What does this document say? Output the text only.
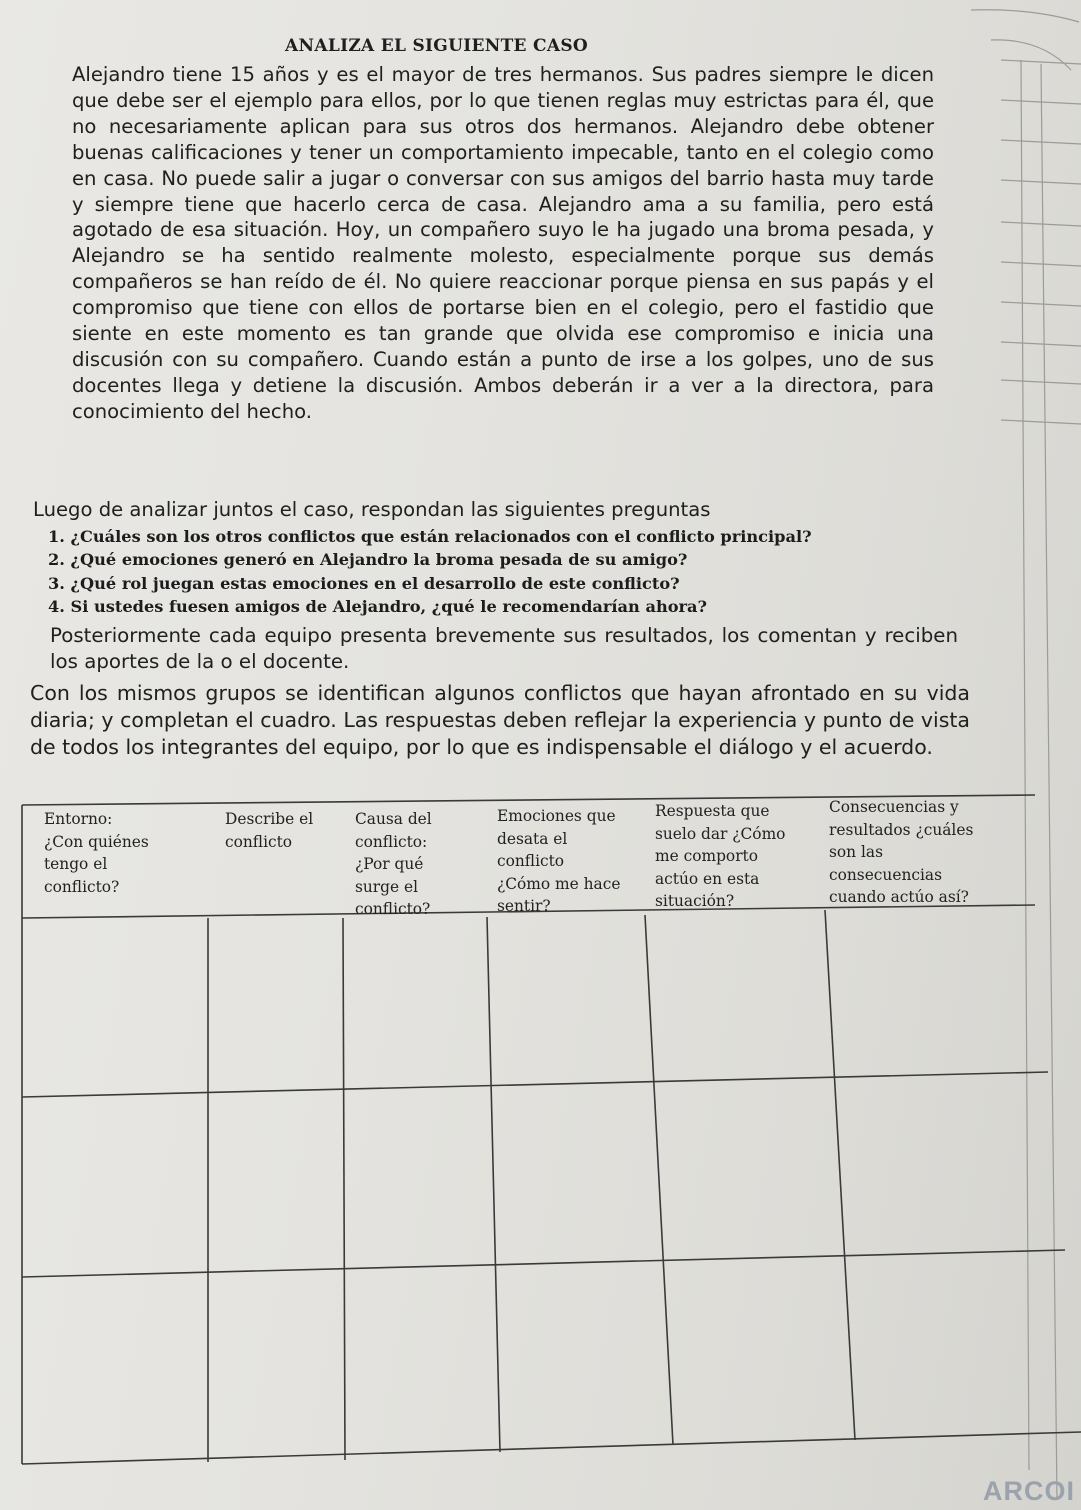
ANALIZA EL SIGUIENTE CASO

Alejandro tiene 15 años y es el mayor de tres hermanos. Sus padres siempre le dicen que debe ser el ejemplo para ellos, por lo que tienen reglas muy estrictas para él, que no necesariamente aplican para sus otros dos hermanos. Alejandro debe obtener buenas calificaciones y tener un comportamiento impecable, tanto en el colegio como en casa. No puede salir a jugar o conversar con sus amigos del barrio hasta muy tarde y siempre tiene que hacerlo cerca de casa. Alejandro ama a su familia, pero está agotado de esa situación. Hoy, un compañero suyo le ha jugado una broma pesada, y Alejandro se ha sentido realmente molesto, especialmente porque sus demás compañeros se han reído de él. No quiere reaccionar porque piensa en sus papás y el compromiso que tiene con ellos de portarse bien en el colegio, pero el fastidio que siente en este momento es tan grande que olvida ese compromiso e inicia una discusión con su compañero. Cuando están a punto de irse a los golpes, uno de sus docentes llega y detiene la discusión. Ambos deberán ir a ver a la directora, para conocimiento del hecho.

Luego de analizar juntos el caso, respondan las siguientes preguntas

1. ¿Cuáles son los otros conflictos que están relacionados con el conflicto principal?
2. ¿Qué emociones generó en Alejandro la broma pesada de su amigo?
3. ¿Qué rol juegan estas emociones en el desarrollo de este conflicto?
4. Si ustedes fuesen amigos de Alejandro, ¿qué le recomendarían ahora?

Posteriormente cada equipo presenta brevemente sus resultados, los comentan y reciben los aportes de la o el docente.

Con los mismos grupos se identifican algunos conflictos que hayan afrontado en su vida diaria; y completan el cuadro. Las respuestas deben reflejar la experiencia y punto de vista de todos los integrantes del equipo, por lo que es indispensable el diálogo y el acuerdo.

Entorno:
¿Con quiénes
tengo el
conflicto?
Describe el
conflicto
Causa del
conflicto:
¿Por qué
surge el
conflicto?
Emociones que
desata el
conflicto
¿Cómo me hace
sentir?
Respuesta que
suelo dar ¿Cómo
me comporto
actúo en esta
situación?
Consecuencias y
resultados ¿cuáles
son las
consecuencias
cuando actúo así?
ARCOI
